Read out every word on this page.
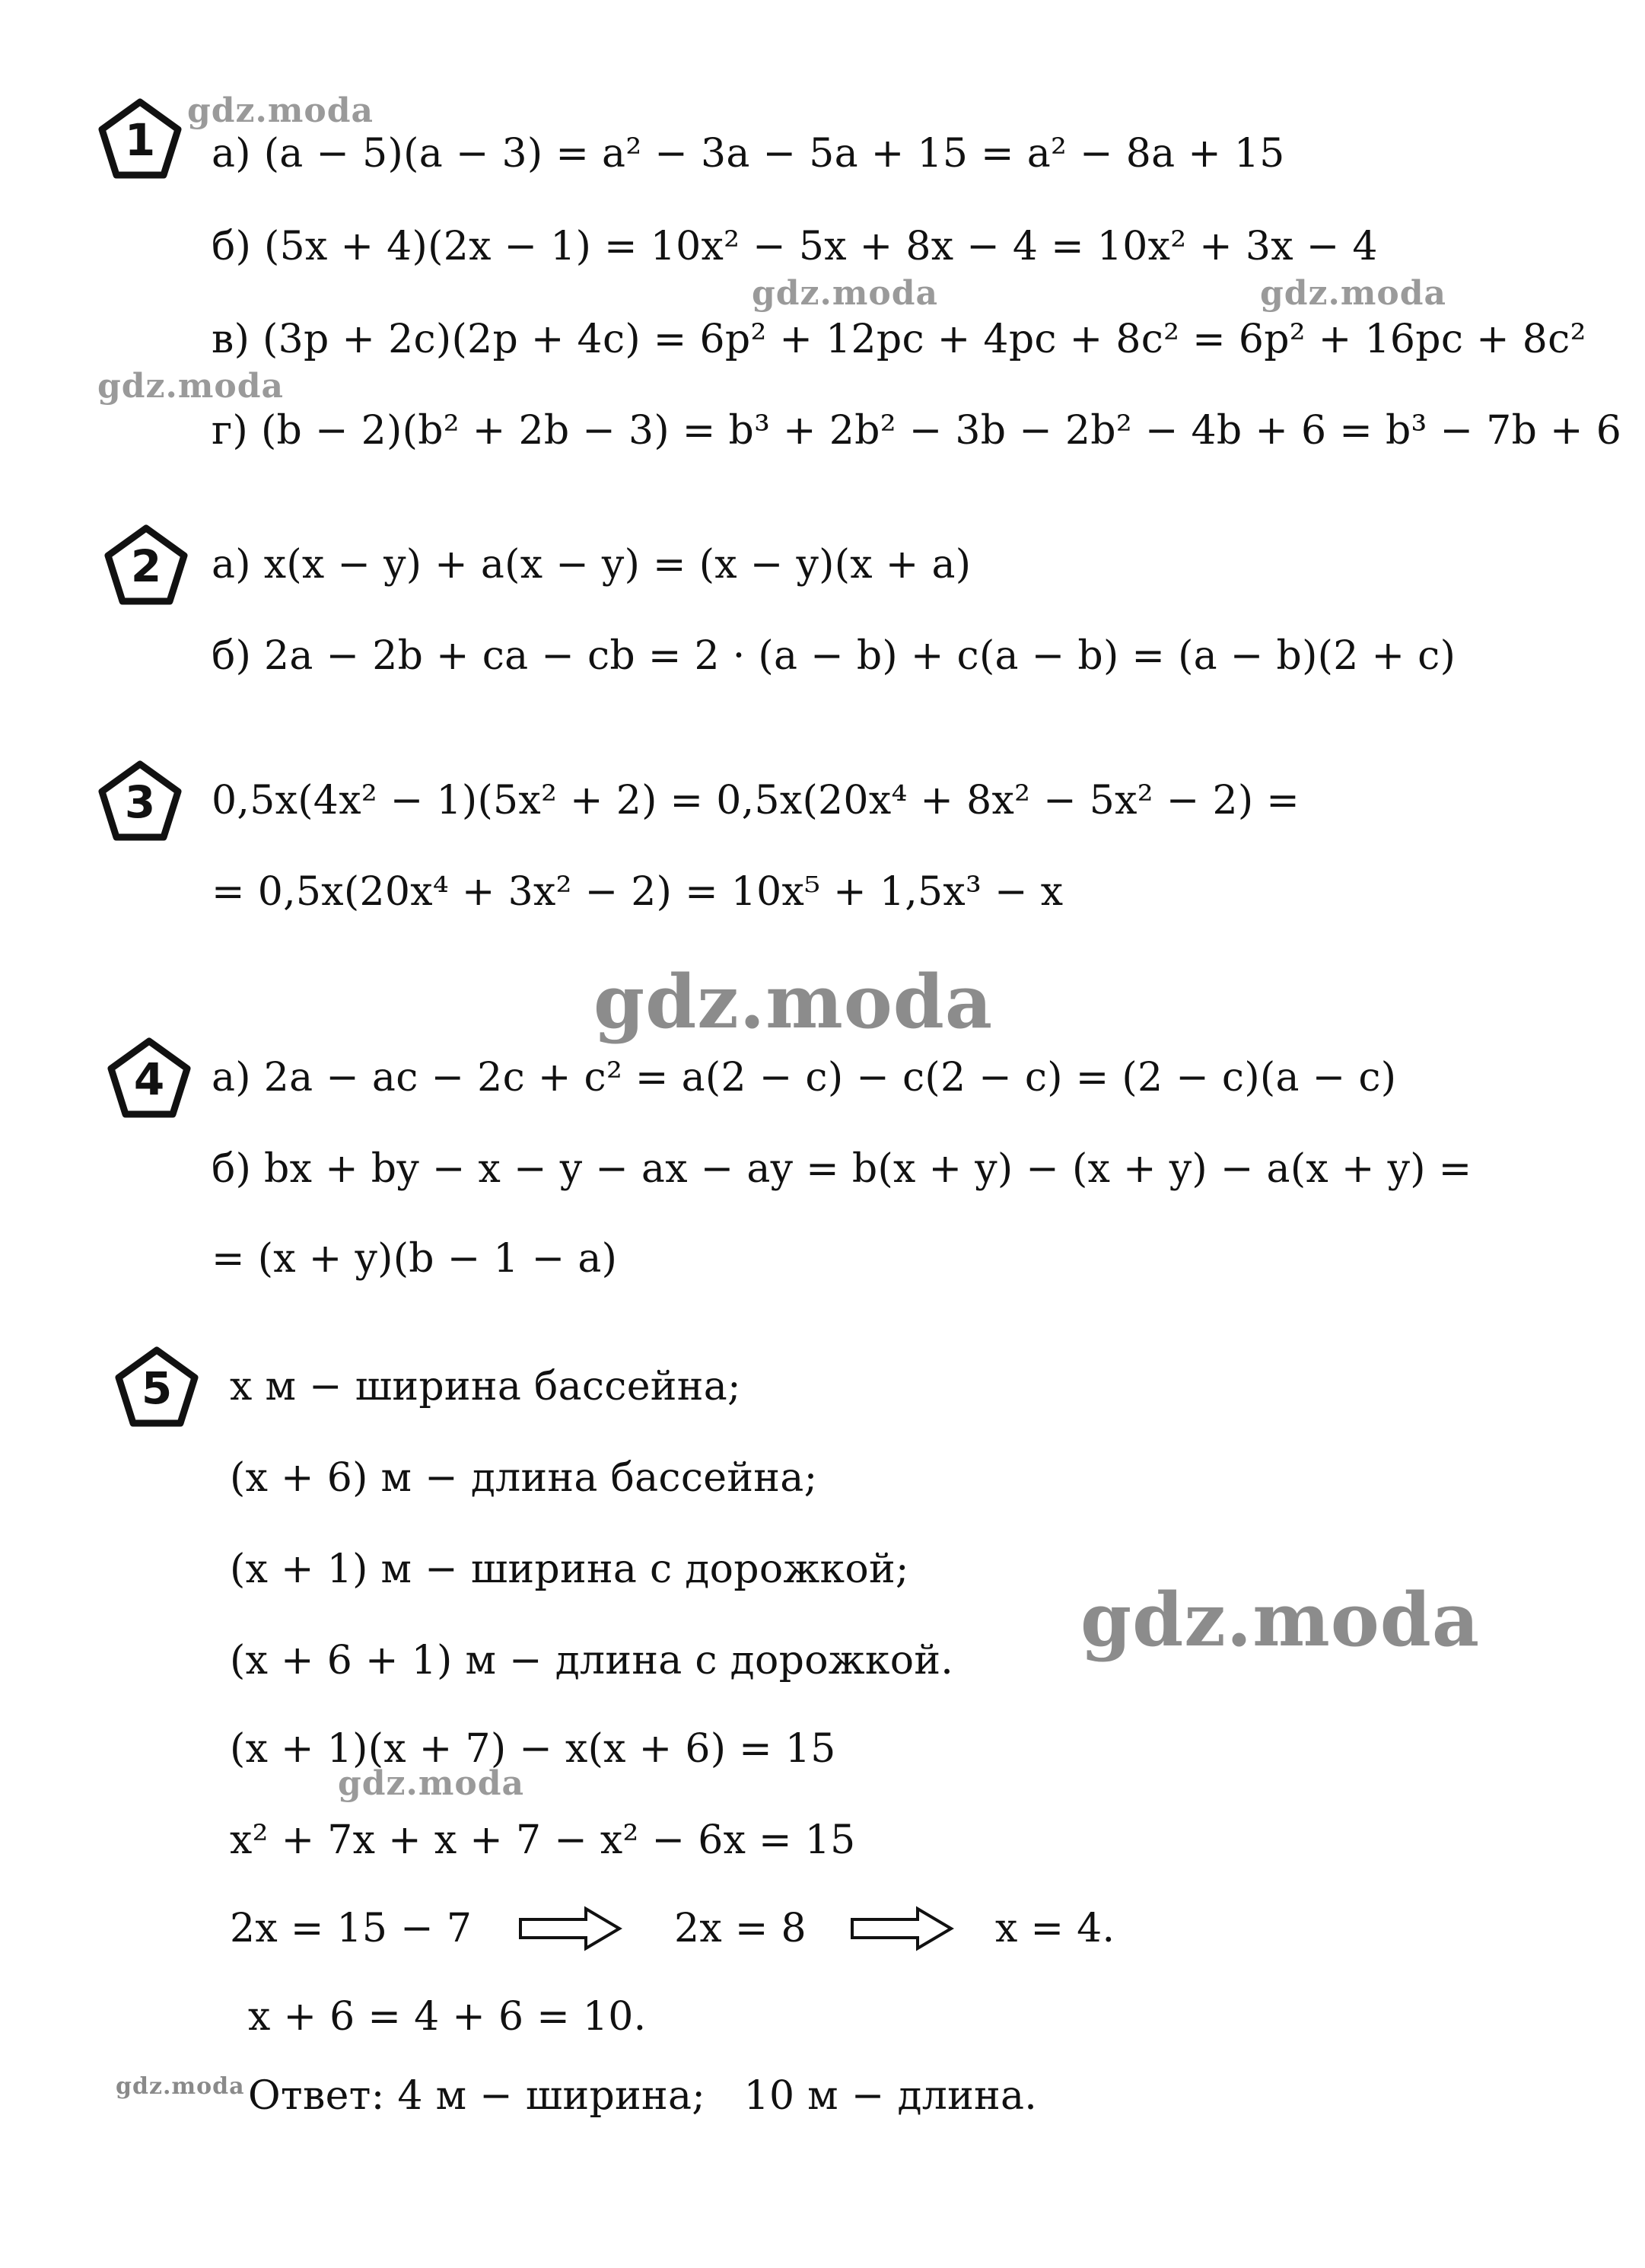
1	а) (a − 5)(a − 3) = a² − 3a − 5a + 15 = a² − 8a + 15
б) (5x + 4)(2x − 1) = 10x² − 5x + 8x − 4 = 10x² + 3x − 4
в) (3p + 2c)(2p + 4c) = 6p² + 12pc + 4pc + 8c² = 6p² + 16pc + 8c²
г) (b − 2)(b² + 2b − 3) = b³ + 2b² − 3b − 2b² − 4b + 6 = b³ − 7b + 6
2	а) x(x − y) + a(x − y) = (x − y)(x + a)
б) 2a − 2b + ca − cb = 2 · (a − b) + c(a − b) = (a − b)(2 + c)
3	0,5x(4x² − 1)(5x² + 2) = 0,5x(20x⁴ + 8x² − 5x² − 2) =
= 0,5x(20x⁴ + 3x² − 2) = 10x⁵ + 1,5x³ − x
gdz.moda
4	а) 2a − ac − 2c + c² = a(2 − c) − c(2 − c) = (2 − c)(a − c)
б) bx + by − x − y − ax − ay = b(x + y) − (x + y) − a(x + y) =
= (x + y)(b − 1 − a)
5	x м − ширина бассейна;
(x + 6) м − длина бассейна;
(x + 1) м − ширина с дорожкой;
(x + 6 + 1) м − длина с дорожкой. gdz.moda
(x + 1)(x + 7) − x(x + 6) = 15
x² + 7x + x + 7 − x² − 6x = 15
2x = 15 − 7	2x = 8	x = 4.
x + 6 = 4 + 6 = 10.
gdz.moda Ответ: 4 м − ширина;   10 м − длина.
gdz.moda
gdz.moda	gdz.moda
gdz.moda
gdz.moda
